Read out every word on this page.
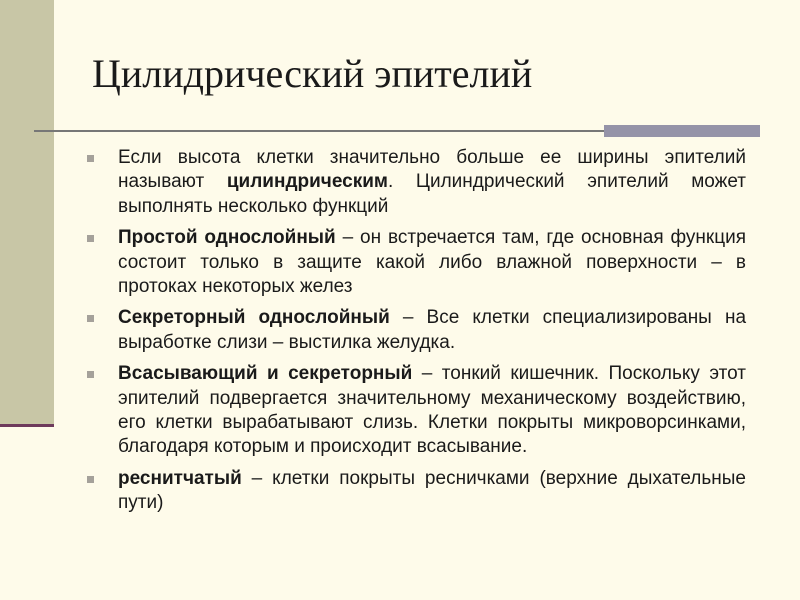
Цилидрический эпителий
Если высота клетки значительно больше ее ширины эпителий называют цилиндрическим. Цилиндрический эпителий может выполнять несколько функций
Простой однослойный – он встречается там, где основная функция состоит только в защите какой либо влажной поверхности – в протоках некоторых желез
Секреторный однослойный – Все клетки специализированы на выработке слизи – выстилка желудка.
Всасывающий и секреторный – тонкий кишечник. Поскольку этот эпителий подвергается значительному механическому воздействию, его клетки вырабатывают слизь. Клетки покрыты микроворсинками, благодаря которым и происходит всасывание.
реснитчатый – клетки покрыты ресничками (верхние дыхательные пути)
